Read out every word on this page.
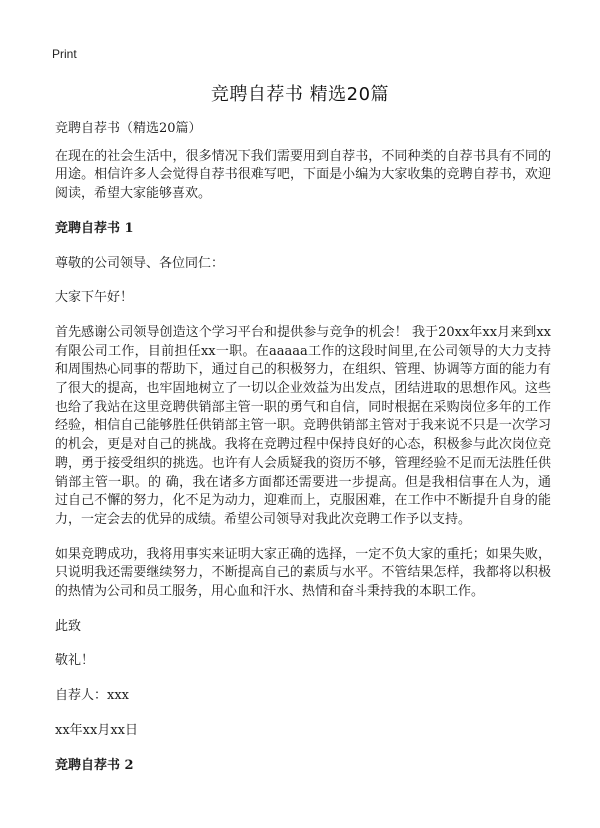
Print
竞聘自荐书 精选20篇

竞聘自荐书（精选20篇）

在现在的社会生活中，很多情况下我们需要用到自荐书，不同种类的自荐书具有不同的用途。相信许多人会觉得自荐书很难写吧，下面是小编为大家收集的竞聘自荐书，欢迎阅读，希望大家能够喜欢。

竞聘自荐书 1

尊敬的公司领导、各位同仁：

大家下午好！

首先感谢公司领导创造这个学习平台和提供参与竞争的机会！ 我于20xx年xx月来到xx有限公司工作，目前担任xx一职。在aaaaa工作的这段时间里,在公司领导的大力支持和周围热心同事的帮助下，通过自己的积极努力，在组织、管理、协调等方面的能力有了很大的提高，也牢固地树立了一切以企业效益为出发点，团结进取的思想作风。这些也给了我站在这里竞聘供销部主管一职的勇气和自信，同时根据在采购岗位多年的工作经验，相信自己能够胜任供销部主管一职。竞聘供销部主管对于我来说不只是一次学习的机会，更是对自己的挑战。我将在竞聘过程中保持良好的心态，积极参与此次岗位竞聘，勇于接受组织的挑选。也许有人会质疑我的资历不够，管理经验不足而无法胜任供销部主管一职。的 确，我在诸多方面都还需要进一步提高。但是我相信事在人为，通过自己不懈的努力，化不足为动力，迎难而上，克服困难，在工作中不断提升自身的能力，一定会去的优异的成绩。希望公司领导对我此次竞聘工作予以支持。

如果竞聘成功，我将用事实来证明大家正确的选择，一定不负大家的重托；如果失败，只说明我还需要继续努力，不断提高自己的素质与水平。不管结果怎样，我都将以积极的热情为公司和员工服务，用心血和汗水、热情和奋斗秉持我的本职工作。

此致

敬礼！

自荐人：xxx

xx年xx月xx日

竞聘自荐书 2
